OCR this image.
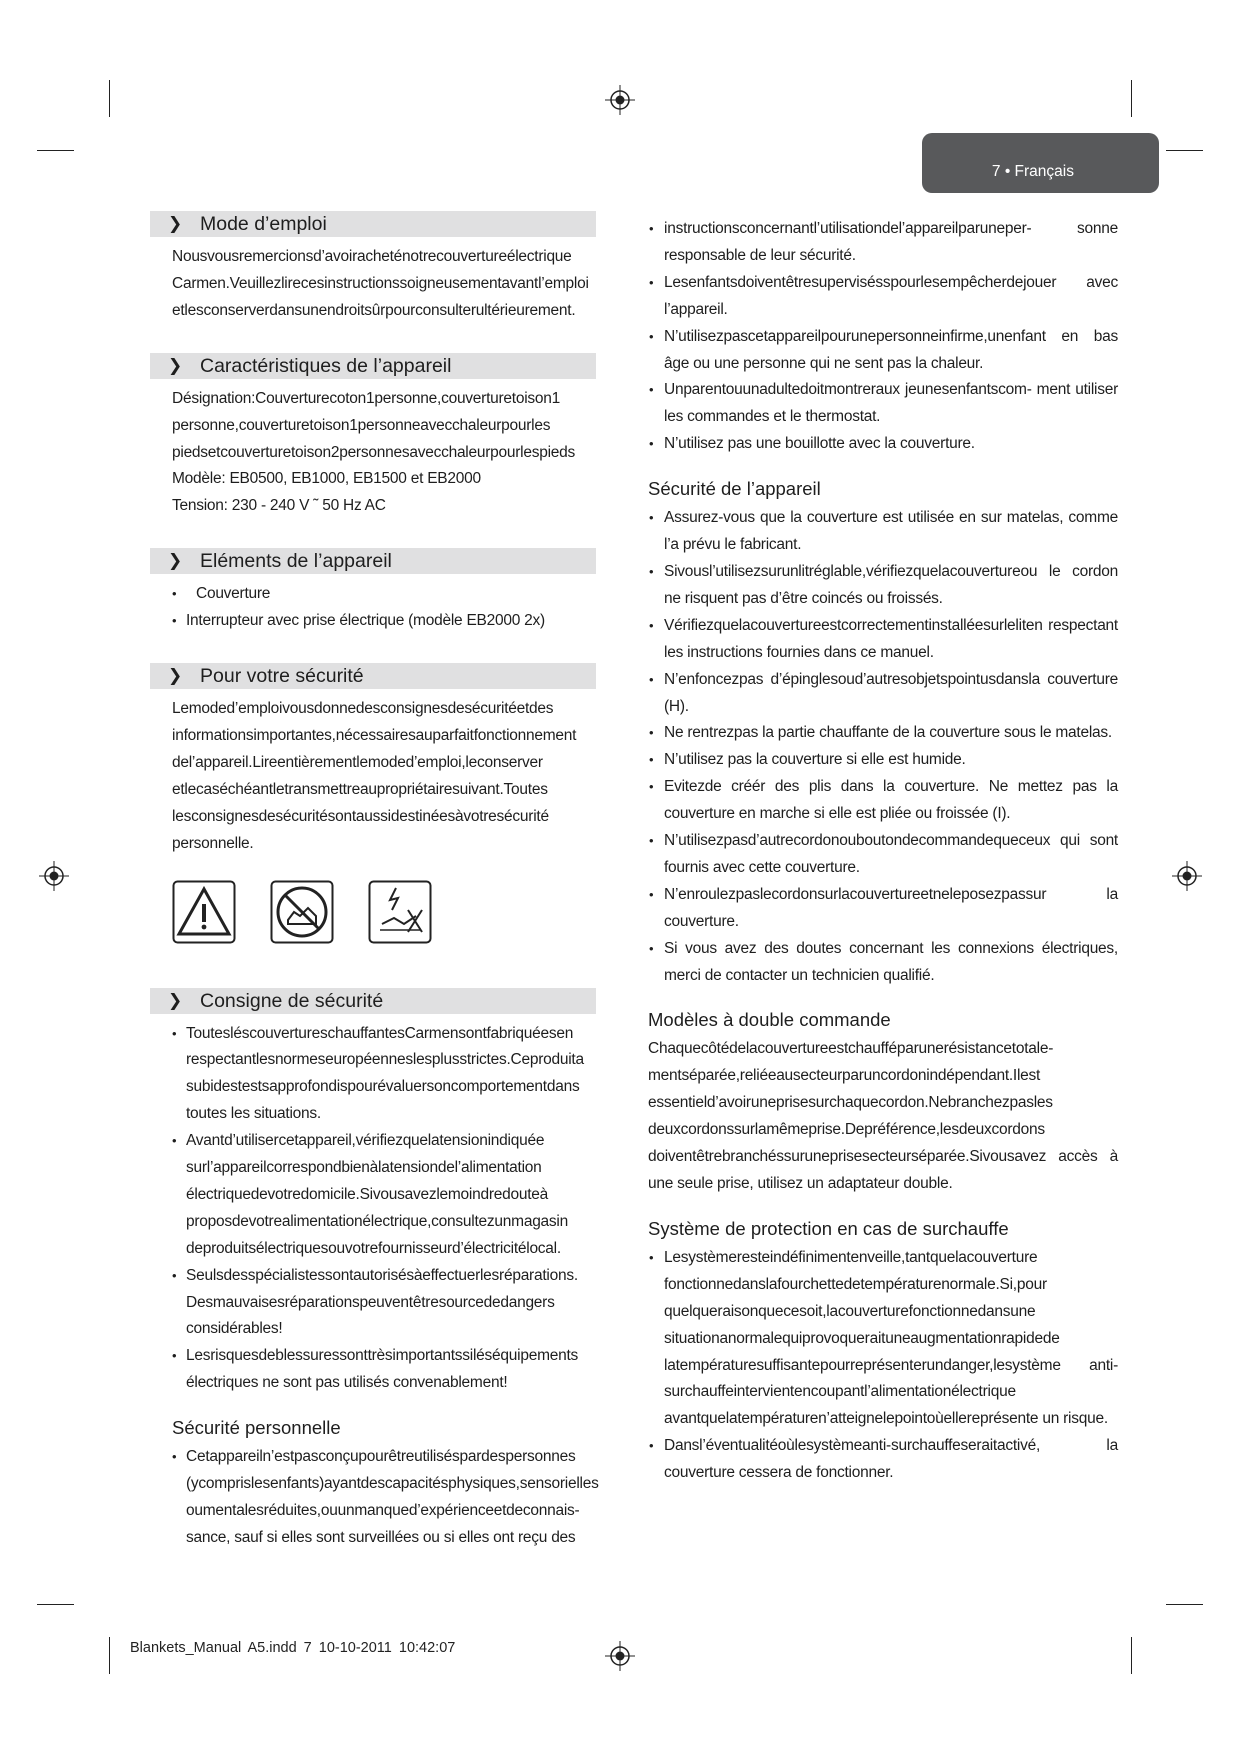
7 • Français
❯ Mode d’emploi

Nousvousremercionsd’avoiracheténotrecouvertureélectrique Carmen.Veuillezlirecesinstructionssoigneusementavantl’emploi etlesconserverdansunendroitsûrpourconsulterultérieurement.

❯ Caractéristiques de l’appareil

Désignation:Couverturecoton1personne,couverturetoison1 personne,couverturetoison1personneavecchaleurpourles piedsetcouverturetoison2personnesavecchaleurpourlespieds

Modèle: EB0500, EB1000, EB1500 et EB2000

Tension: 230 - 240 V ˜ 50 Hz AC

❯ Eléments de l’appareil
• Couverture
• Interrupteur avec prise électrique (modèle EB2000 2x)
❯ Pour votre sécurité

Lemoded’emploivousdonnedesconsignesdesécuritéetdes informationsimportantes,nécessairesauparfaitfonctionnement del’appareil.Lireentièrementlemoded’emploi,leconserver etlecaséchéantletransmettreaupropriétairesuivant.Toutes lesconsignesdesécuritésontaussidestinéesàvotresécurité personnelle.

❯ Consigne de sécurité
• ToutesléscouvertureschauffantesCarmensontfabriquéesen respectantlesnormeseuropéenneslesplusstrictes.Ceproduita subidestestsapprofondispourévaluersoncomportementdans toutes les situations.
• Avantd’utilisercetappareil,vérifiezquelatensionindiquée surl’appareilcorrespondbienàlatensiondel’alimentation électriquedevotredomicile.Sivousavezlemoindredouteà proposdevotrealimentationélectrique,consultezunmagasin deproduitsélectriquesouvotrefournisseurd’électricitélocal.
• Seulsdesspécialistessontautorisésàeffectuerlesréparations. Desmauvaisesréparationspeuventêtresourcededangers considérables!
• Lesrisquesdeblessuressonttrèsimportantssiléséquipements électriques ne sont pas utilisés convenablement!
Sécurité personnelle
• Cetappareiln’estpasconçupourêtreutiliséspardespersonnes (ycomprislesenfants)ayantdescapacitésphysiques,sensorielles oumentalesréduites,ouunmanqued’expérienceetdeconnais- sance, sauf si elles sont surveillées ou si elles ont reçu des
• instructionsconcernantl’utilisationdel’appareilparuneper- sonne responsable de leur sécurité.
• Lesenfantsdoiventêtresupervisésspourlesempêcherdejouer avec l’appareil.
• N’utilisezpascetappareilpourunepersonneinfirme,unenfant en bas âge ou une personne qui ne sent pas la chaleur.
• Unparentouunadultedoitmontreraux jeunesenfantscom- ment utiliser les commandes et le thermostat.
• N’utilisez pas une bouillotte avec la couverture.
Sécurité de l’appareil
• Assurez-vous que la couverture est utilisée en sur matelas, comme l’a prévu le fabricant.
• Sivousl’utilisezsurunlitréglable,vérifiezquelacouvertureou le cordon ne risquent pas d’être coincés ou froissés.
• Vérifiezquelacouvertureestcorrectementinstalléesurleliten respectant les instructions fournies dans ce manuel.
• N’enfoncezpas d’épinglesoud’autresobjetspointusdansla couverture (H).
• Ne rentrezpas la partie chauffante de la couverture sous le matelas.
• N’utilisez pas la couverture si elle est humide.
• Evitezde créér des plis dans la couverture. Ne mettez pas la couverture en marche si elle est pliée ou froissée (I).
• N’utilisezpasd’autrecordonouboutondecommandequeceux qui sont fournis avec cette couverture.
• N’enroulezpaslecordonsurlacouvertureetneleposezpassur la couverture.
• Si vous avez des doutes concernant les connexions électriques, merci de contacter un technicien qualifié.
Modèles à double commande

Chaquecôtédelacouvertureestchaufféparunerésistancetotale- mentséparée,reliéeausecteurparuncordonindépendant.Ilest essentield’avoiruneprisesurchaquecordon.Nebranchezpasles deuxcordonssurlamêmeprise.Depréférence,lesdeuxcordons doiventêtrebranchéssuruneprisesecteurséparée.Sivousavez accès à une seule prise, utilisez un adaptateur double.

Système de protection en cas de surchauffe
• Lesystèmeresteindéfinimentenveille,tantquelacouverture fonctionnedanslafourchettedetempératurenormale.Si,pour quelqueraisonquecesoit,lacouverturefonctionnedansune situationanormalequiprovoqueraituneaugmentationrapidede latempératuresuffisantepourreprésenterundanger,lesystème anti-surchauffeintervientencoupantl’alimentationélectrique avantquelatempératuren’atteignelepointoùellereprésente un risque.
• Dansl’éventualitéoùlesystèmeanti-surchauffeseraitactivé, la couverture cessera de fonctionner.
Blankets_Manual A5.indd 7 10-10-2011 10:42:07
